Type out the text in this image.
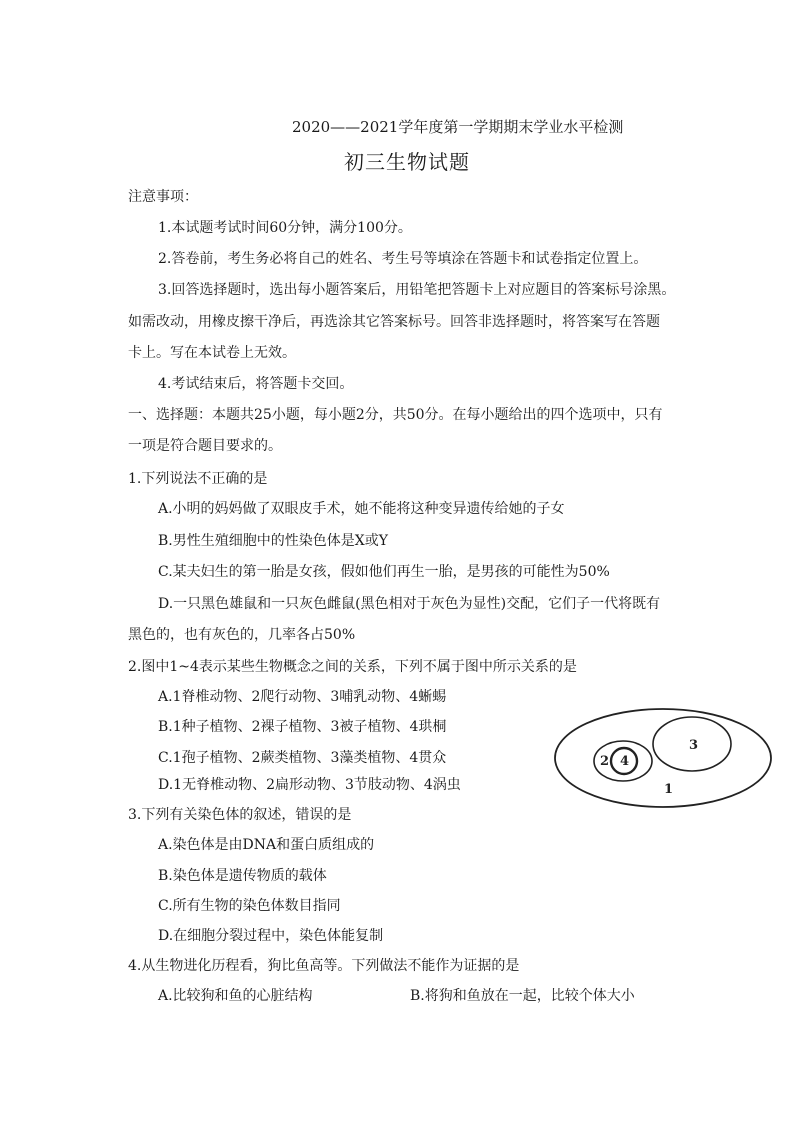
2020——2021学年度第一学期期末学业水平检测
初三生物试题
注意事项：
1.本试题考试时间60分钟，满分100分。
2.答卷前，考生务必将自己的姓名、考生号等填涂在答题卡和试卷指定位置上。
3.回答选择题时，选出每小题答案后，用铅笔把答题卡上对应题目的答案标号涂黑。
如需改动，用橡皮擦干净后，再选涂其它答案标号。回答非选择题时，将答案写在答题
卡上。写在本试卷上无效。
4.考试结束后，将答题卡交回。
一、选择题：本题共25小题，每小题2分，共50分。在每小题给出的四个选项中，只有
一项是符合题目要求的。
1.下列说法不正确的是
A.小明的妈妈做了双眼皮手术，她不能将这种变异遗传给她的子女
B.男性生殖细胞中的性染色体是X或Y
C.某夫妇生的第一胎是女孩，假如他们再生一胎，是男孩的可能性为50%
D.一只黑色雄鼠和一只灰色雌鼠(黑色相对于灰色为显性)交配，它们子一代将既有
黑色的，也有灰色的，几率各占50%
2.图中1~4表示某些生物概念之间的关系，下列不属于图中所示关系的是
A.1脊椎动物、2爬行动物、3哺乳动物、4蜥蜴
B.1种子植物、2裸子植物、3被子植物、4珙桐
C.1孢子植物、2蕨类植物、3藻类植物、4贯众
D.1无脊椎动物、2扁形动物、3节肢动物、4涡虫	1
2
3
4
3.下列有关染色体的叙述，错误的是
A.染色体是由DNA和蛋白质组成的
B.染色体是遗传物质的载体
C.所有生物的染色体数目指同
D.在细胞分裂过程中，染色体能复制
4.从生物进化历程看，狗比鱼高等。下列做法不能作为证据的是
A.比较狗和鱼的心脏结构	B.将狗和鱼放在一起，比较个体大小
